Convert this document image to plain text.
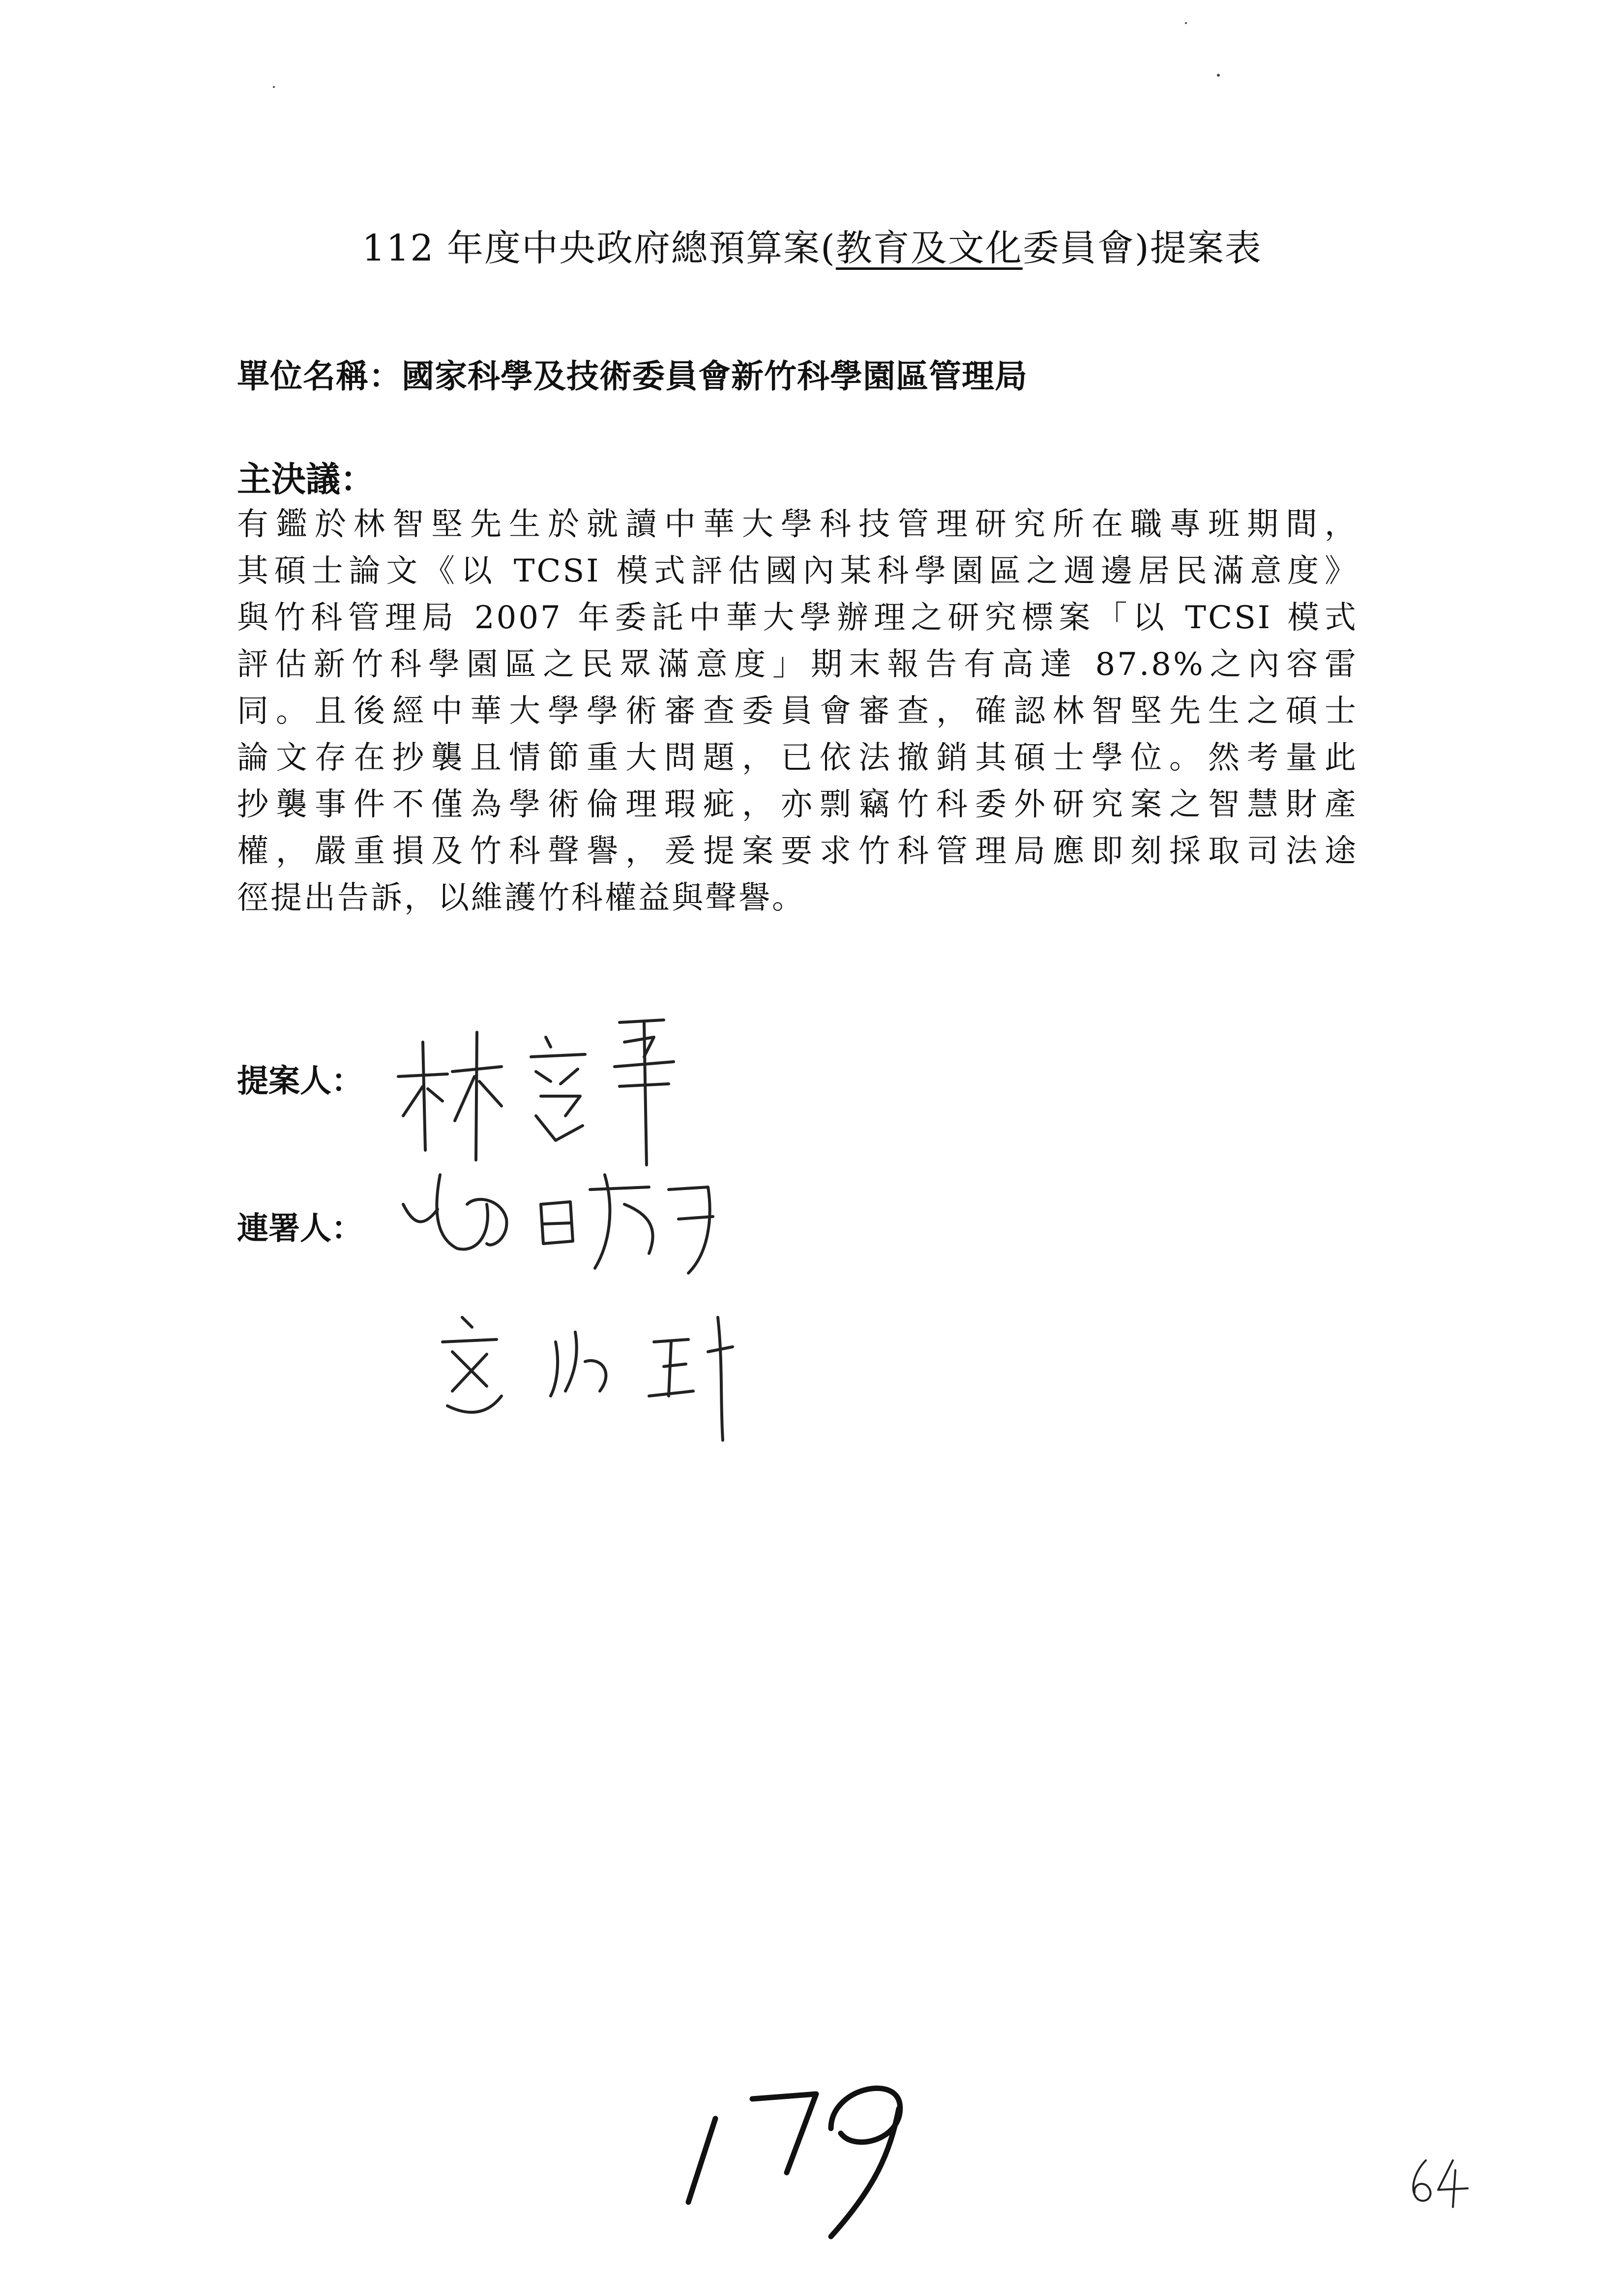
112 年度中央政府總預算案(教育及文化委員會)提案表
單位名稱：國家科學及技術委員會新竹科學園區管理局
主決議：
有鑑於林智堅先生於就讀中華大學科技管理研究所在職專班期間，
其碩士論文《以 TCSI 模式評估國內某科學園區之週邊居民滿意度》
與竹科管理局 2007 年委託中華大學辦理之研究標案「以 TCSI 模式
評估新竹科學園區之民眾滿意度」期末報告有高達 87.8%之內容雷
同。且後經中華大學學術審查委員會審查，確認林智堅先生之碩士
論文存在抄襲且情節重大問題，已依法撤銷其碩士學位。然考量此
抄襲事件不僅為學術倫理瑕疵，亦剽竊竹科委外研究案之智慧財產
權，嚴重損及竹科聲譽，爰提案要求竹科管理局應即刻採取司法途
徑提出告訴，以維護竹科權益與聲譽。
提案人：
連署人：
